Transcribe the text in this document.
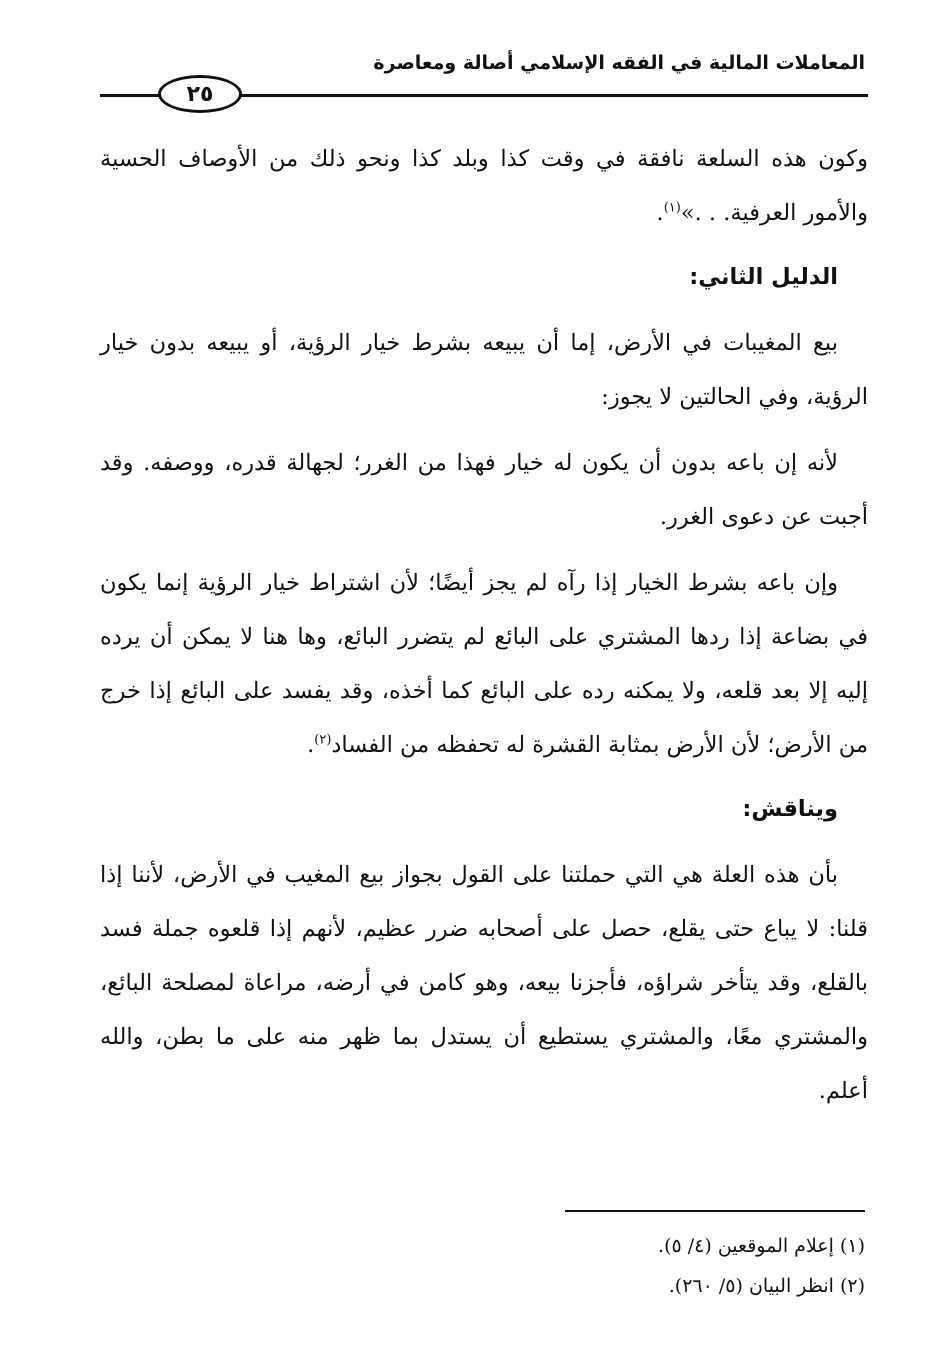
المعاملات المالية في الفقه الإسلامي أصالة ومعاصرة
٢٥

وكون هذه السلعة نافقة في وقت كذا وبلد كذا ونحو ذلك من الأوصاف الحسية والأمور العرفية. . .»$^{(١)}$.

الدليل الثاني:

بيع المغيبات في الأرض، إما أن يبيعه بشرط خيار الرؤية، أو يبيعه بدون خيار الرؤية، وفي الحالتين لا يجوز:

لأنه إن باعه بدون أن يكون له خيار فهذا من الغرر؛ لجهالة قدره، ووصفه. وقد أجبت عن دعوى الغرر.

وإن باعه بشرط الخيار إذا رآه لم يجز أيضًا؛ لأن اشتراط خيار الرؤية إنما يكون في بضاعة إذا ردها المشتري على البائع لم يتضرر البائع، وها هنا لا يمكن أن يرده إليه إلا بعد قلعه، ولا يمكنه رده على البائع كما أخذه، وقد يفسد على البائع إذا خرج من الأرض؛ لأن الأرض بمثابة القشرة له تحفظه من الفساد$^{(٢)}$.

ويناقش:

بأن هذه العلة هي التي حملتنا على القول بجواز بيع المغيب في الأرض، لأننا إذا قلنا: لا يباع حتى يقلع، حصل على أصحابه ضرر عظيم، لأنهم إذا قلعوه جملة فسد بالقلع، وقد يتأخر شراؤه، فأجزنا بيعه، وهو كامن في أرضه، مراعاة لمصلحة البائع، والمشتري معًا، والمشتري يستطيع أن يستدل بما ظهر منه على ما بطن، والله أعلم.

(١) إعلام الموقعين (٤/ ٥).

(٢) انظر البيان (٥/ ٢٦٠).
